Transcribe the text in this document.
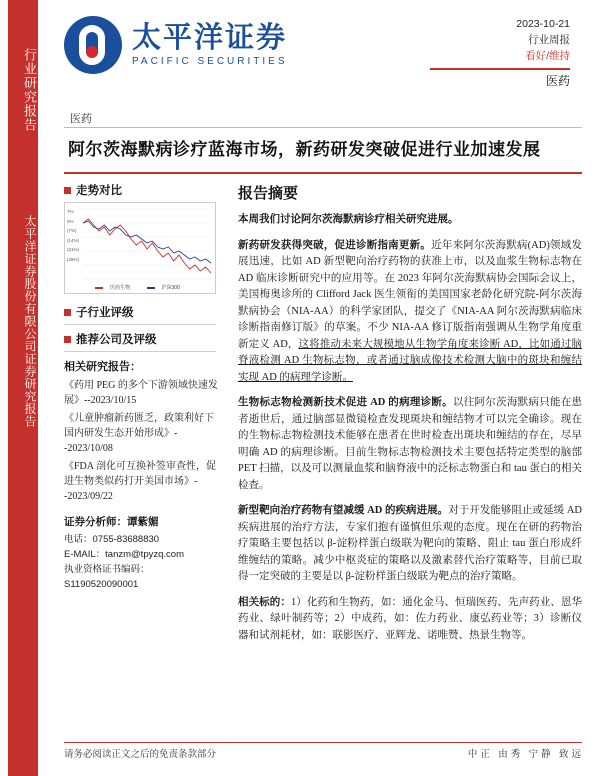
行业研究报告
太平洋证券股份有限公司证券研究报告
太平洋证券
PACIFIC SECURITIES
2023-10-21
行业周报
看好/维持
医药
医药
阿尔茨海默病诊疗蓝海市场，新药研发突破促进行业加速发展
走势对比
7%
0%
(7%)
(14%)
(21%)
(28%)
医药生物	沪深300
子行业评级
推荐公司及评级
相关研究报告：
《药用 PEG 的多个下游领域快速发展》--2023/10/15
《儿童肿瘤新药匮乏，政策利好下国内研发生态开始形成》--2023/10/08
《FDA 剖化可互换补签审查性，促进生物类似药打开美国市场》--2023/09/22
证券分析师：谭紫媚
电话：0755-83688830
E-MAIL：tanzm@tpyzq.com
执业资格证书编码：S1190520090001
报告摘要
本周我们讨论阿尔茨海默病诊疗相关研究进展。
新药研发获得突破，促进诊断指南更新。近年来阿尔茨海默病(AD)领域发展迅速，比如 AD 新型靶向治疗药物的获准上市，以及血浆生物标志物在 AD 临床诊断研究中的应用等。在 2023 年阿尔茨海默病协会国际会议上，美国梅奥诊所的 Clifford Jack 医生领衔的美国国家老龄化研究院-阿尔茨海默病协会（NIA-AA）的科学家团队，提交了《NIA-AA 阿尔茨海默病临床诊断指南修订版》的草案。不少 NIA-AA 修订版指南强调从生物学角度重新定义 AD，这将推动未来大规模地从生物学角度来诊断 AD，比如通过脑脊液检测 AD 生物标志物，或者通过脑成像技术检测大脑中的斑块和缠结实现 AD 的病理学诊断。
生物标志物检测新技术促进 AD 的病理诊断。以往阿尔茨海默病只能在患者逝世后，通过脑部显微镜检查发现斑块和缠结物才可以完全确诊。现在的生物标志物检测技术能够在患者在世时检查出斑块和缠结的存在，尽早明确 AD 的病理诊断。目前生物标志物检测技术主要包括特定类型的脑部 PET 扫描，以及可以测量血浆和脑脊液中的泛标志物蛋白和 tau 蛋白的相关检查。
新型靶向治疗药物有望减缓 AD 的疾病进展。对于开发能够阻止或延缓 AD 疾病进展的治疗方法，专家们抱有谨慎但乐观的态度。现在在研的药物治疗策略主要包括以 β-淀粉样蛋白级联为靶向的策略、阻止 tau 蛋白形成纤维缠结的策略。减少中枢炎症的策略以及激素替代治疗策略等，目前已取得一定突破的主要是以 β-淀粉样蛋白级联为靶点的治疗策略。
相关标的：1）化药和生物药，如：通化金马、恒瑞医药、先声药业、恩华药业、绿叶制药等；2）中成药，如：佐力药业、康弘药业等；3）诊断仪器和试剂耗材，如：联影医疗、亚辉龙、诺唯赞、热景生物等。
请务必阅读正文之后的免责条款部分	中正 由秀 宁静 致远
